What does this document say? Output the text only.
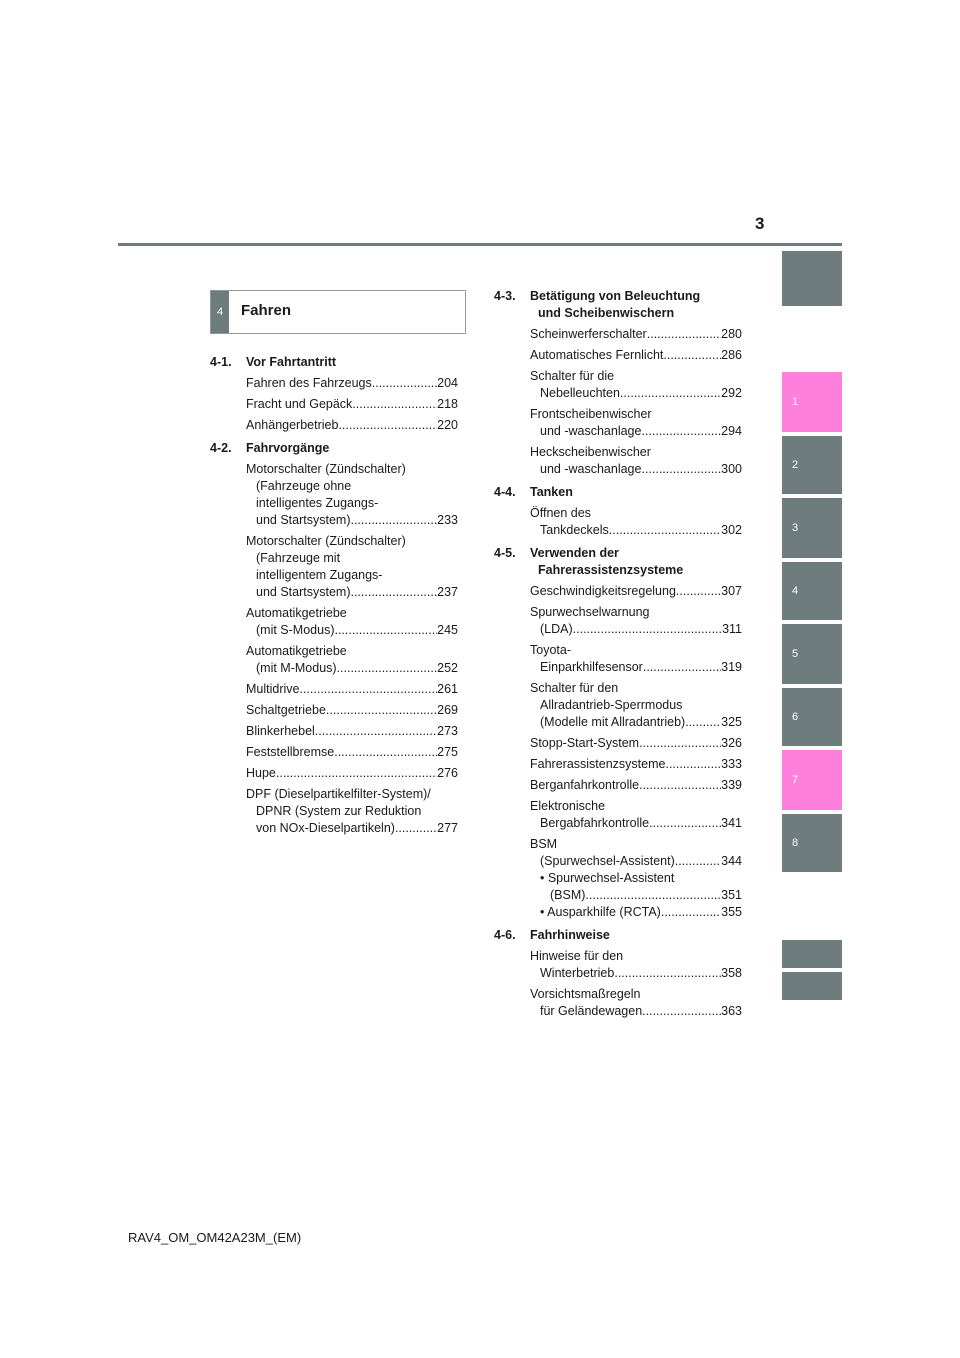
3
1
2
3
4
5
6
7
8
4	Fahren
4-1.	Vor Fahrtantritt
Fahren des Fahrzeugs .....	204
Fracht und Gepäck .....	218
Anhängerbetrieb .....	220
4-2.	Fahrvorgänge
Motorschalter (Zündschalter)
(Fahrzeuge ohne
intelligentes Zugangs-
und Startsystem) .....	233
Motorschalter (Zündschalter)
(Fahrzeuge mit
intelligentem Zugangs-
und Startsystem) .....	237
Automatikgetriebe
(mit S-Modus) .....	245
Automatikgetriebe
(mit M-Modus) .....	252
Multidrive .....	261
Schaltgetriebe .....	269
Blinkerhebel .....	273
Feststellbremse .....	275
Hupe .....	276
DPF (Dieselpartikelfilter-System)/
DPNR (System zur Reduktion
von NOx-Dieselpartikeln) .....	277
4-3.	Betätigung von Beleuchtung
und Scheibenwischern
Scheinwerferschalter .....	280
Automatisches Fernlicht .....	286
Schalter für die
Nebelleuchten .....	292
Frontscheibenwischer
und -waschanlage .....	294
Heckscheibenwischer
und -waschanlage .....	300
4-4.	Tanken
Öffnen des
Tankdeckels .....	302
4-5.	Verwenden der
Fahrerassistenzsysteme
Geschwindigkeitsregelung .....	307
Spurwechselwarnung
(LDA) .....	311
Toyota-
Einparkhilfesensor .....	319
Schalter für den
Allradantrieb-Sperrmodus
(Modelle mit Allradantrieb) .....	325
Stopp-Start-System .....	326
Fahrerassistenzsysteme .....	333
Berganfahrkontrolle .....	339
Elektronische
Bergabfahrkontrolle .....	341
BSM
(Spurwechsel-Assistent) .....	344
• Spurwechsel-Assistent
(BSM) .....	351
• Ausparkhilfe (RCTA) .....	355
4-6.	Fahrhinweise
Hinweise für den
Winterbetrieb .....	358
Vorsichtsmaßregeln
für Geländewagen .....	363
RAV4_OM_OM42A23M_(EM)
